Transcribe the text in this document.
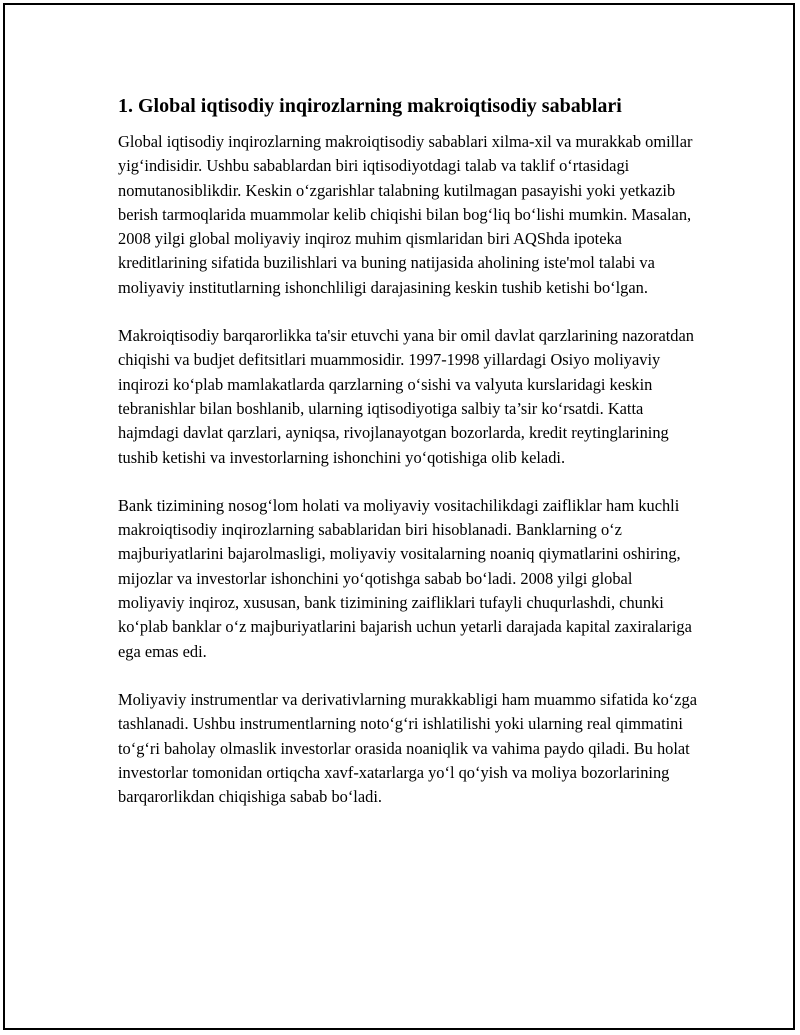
1. Global iqtisodiy inqirozlarning makroiqtisodiy sabablari

Global iqtisodiy inqirozlarning makroiqtisodiy sabablari xilma-xil va murakkab omillar yig‘indisidir. Ushbu sabablardan biri iqtisodiyotdagi talab va taklif o‘rtasidagi nomutanosiblikdir. Keskin o‘zgarishlar talabning kutilmagan pasayishi yoki yetkazib berish tarmoqlarida muammolar kelib chiqishi bilan bog‘liq bo‘lishi mumkin. Masalan, 2008 yilgi global moliyaviy inqiroz muhim qismlaridan biri AQShda ipoteka kreditlarining sifatida buzilishlari va buning natijasida aholining iste'mol talabi va moliyaviy institutlarning ishonchliligi darajasining keskin tushib ketishi bo‘lgan.

Makroiqtisodiy barqarorlikka ta'sir etuvchi yana bir omil davlat qarzlarining nazoratdan chiqishi va budjet defitsitlari muammosidir. 1997-1998 yillardagi Osiyo moliyaviy inqirozi ko‘plab mamlakatlarda qarzlarning o‘sishi va valyuta kurslaridagi keskin tebranishlar bilan boshlanib, ularning iqtisodiyotiga salbiy ta’sir ko‘rsatdi. Katta hajmdagi davlat qarzlari, ayniqsa, rivojlanayotgan bozorlarda, kredit reytinglarining tushib ketishi va investorlarning ishonchini yo‘qotishiga olib keladi.

Bank tizimining nosog‘lom holati va moliyaviy vositachilikdagi zaifliklar ham kuchli makroiqtisodiy inqirozlarning sabablaridan biri hisoblanadi. Banklarning o‘z majburiyatlarini bajarolmasligi, moliyaviy vositalarning noaniq qiymatlarini oshiring, mijozlar va investorlar ishonchini yo‘qotishga sabab bo‘ladi. 2008 yilgi global moliyaviy inqiroz, xususan, bank tizimining zaifliklari tufayli chuqurlashdi, chunki ko‘plab banklar o‘z majburiyatlarini bajarish uchun yetarli darajada kapital zaxiralariga ega emas edi.

Moliyaviy instrumentlar va derivativlarning murakkabligi ham muammo sifatida ko‘zga tashlanadi. Ushbu instrumentlarning noto‘g‘ri ishlatilishi yoki ularning real qimmatini to‘g‘ri baholay olmaslik investorlar orasida noaniqlik va vahima paydo qiladi. Bu holat investorlar tomonidan ortiqcha xavf-xatarlarga yo‘l qo‘yish va moliya bozorlarining barqarorlikdan chiqishiga sabab bo‘ladi.
